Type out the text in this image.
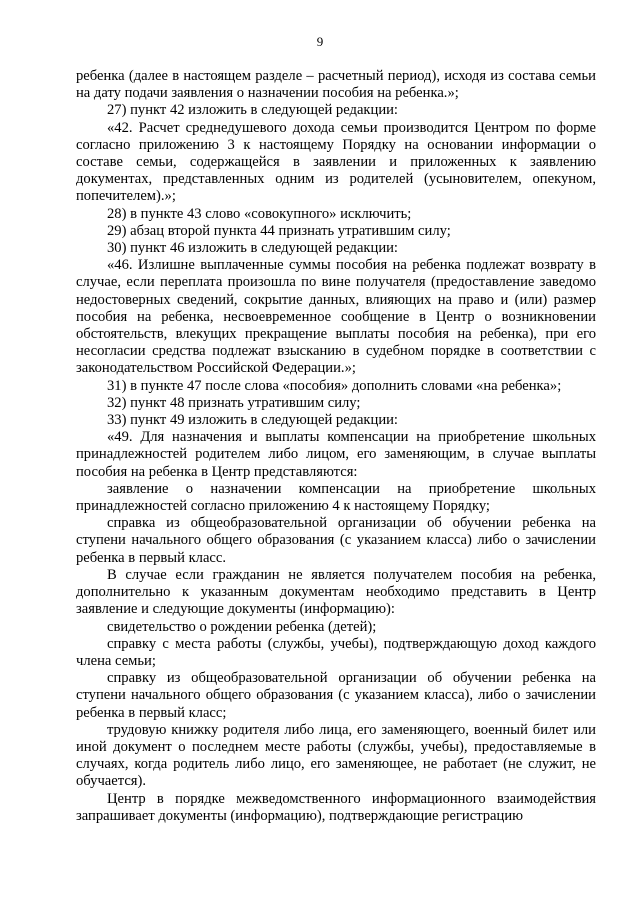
9

ребенка (далее в настоящем разделе – расчетный период), исходя из состава семьи на дату подачи заявления о назначении пособия на ребенка.»;

27) пункт 42 изложить в следующей редакции:

«42. Расчет среднедушевого дохода семьи производится Центром по форме согласно приложению 3 к настоящему Порядку на основании информации о составе семьи, содержащейся в заявлении и приложенных к заявлению документах, представленных одним из родителей (усыновителем, опекуном, попечителем).»;

28) в пункте 43 слово «совокупного» исключить;

29) абзац второй пункта 44 признать утратившим силу;

30) пункт 46 изложить в следующей редакции:

«46. Излишне выплаченные суммы пособия на ребенка подлежат возврату в случае, если переплата произошла по вине получателя (предоставление заведомо недостоверных сведений, сокрытие данных, влияющих на право и (или) размер пособия на ребенка, несвоевременное сообщение в Центр о возникновении обстоятельств, влекущих прекращение выплаты пособия на ребенка), при его несогласии средства подлежат взысканию в судебном порядке в соответствии с законодательством Российской Федерации.»;

31) в пункте 47 после слова «пособия» дополнить словами «на ребенка»;

32) пункт 48 признать утратившим силу;

33) пункт 49 изложить в следующей редакции:

«49. Для назначения и выплаты компенсации на приобретение школьных принадлежностей родителем либо лицом, его заменяющим, в случае выплаты пособия на ребенка в Центр представляются:

заявление о назначении компенсации на приобретение школьных принадлежностей согласно приложению 4 к настоящему Порядку;

справка из общеобразовательной организации об обучении ребенка на ступени начального общего образования (с указанием класса) либо о зачислении ребенка в первый класс.

В случае если гражданин не является получателем пособия на ребенка, дополнительно к указанным документам необходимо представить в Центр заявление и следующие документы (информацию):

свидетельство о рождении ребенка (детей);

справку с места работы (службы, учебы), подтверждающую доход каждого члена семьи;

справку из общеобразовательной организации об обучении ребенка на ступени начального общего образования (с указанием класса), либо о зачислении ребенка в первый класс;

трудовую книжку родителя либо лица, его заменяющего, военный билет или иной документ о последнем месте работы (службы, учебы), предоставляемые в случаях, когда родитель либо лицо, его заменяющее, не работает (не служит, не обучается).

Центр в порядке межведомственного информационного взаимодействия запрашивает документы (информацию), подтверждающие регистрацию
